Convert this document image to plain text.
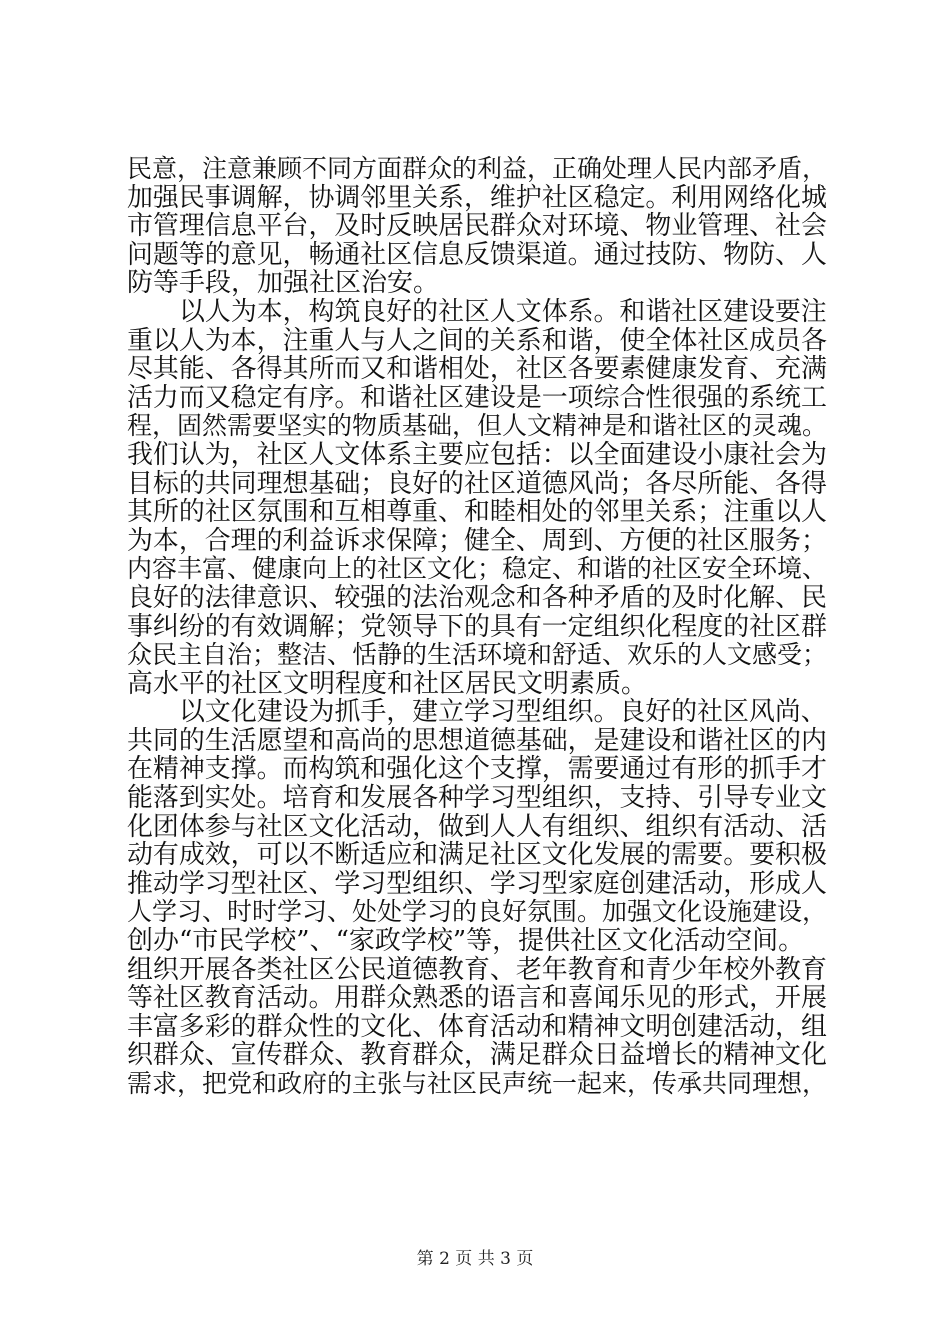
民意，注意兼顾不同方面群众的利益，正确处理人民内部矛盾，
加强民事调解，协调邻里关系，维护社区稳定。利用网络化城
市管理信息平台，及时反映居民群众对环境、物业管理、社会
问题等的意见，畅通社区信息反馈渠道。通过技防、物防、人
防等手段，加强社区治安。
以人为本，构筑良好的社区人文体系。和谐社区建设要注
重以人为本，注重人与人之间的关系和谐，使全体社区成员各
尽其能、各得其所而又和谐相处，社区各要素健康发育、充满
活力而又稳定有序。和谐社区建设是一项综合性很强的系统工
程，固然需要坚实的物质基础，但人文精神是和谐社区的灵魂。
我们认为，社区人文体系主要应包括：以全面建设小康社会为
目标的共同理想基础；良好的社区道德风尚；各尽所能、各得
其所的社区氛围和互相尊重、和睦相处的邻里关系；注重以人
为本，合理的利益诉求保障；健全、周到、方便的社区服务；
内容丰富、健康向上的社区文化；稳定、和谐的社区安全环境、
良好的法律意识、较强的法治观念和各种矛盾的及时化解、民
事纠纷的有效调解；党领导下的具有一定组织化程度的社区群
众民主自治；整洁、恬静的生活环境和舒适、欢乐的人文感受；
高水平的社区文明程度和社区居民文明素质。
以文化建设为抓手，建立学习型组织。良好的社区风尚、
共同的生活愿望和高尚的思想道德基础，是建设和谐社区的内
在精神支撑。而构筑和强化这个支撑，需要通过有形的抓手才
能落到实处。培育和发展各种学习型组织，支持、引导专业文
化团体参与社区文化活动，做到人人有组织、组织有活动、活
动有成效，可以不断适应和满足社区文化发展的需要。要积极
推动学习型社区、学习型组织、学习型家庭创建活动，形成人
人学习、时时学习、处处学习的良好氛围。加强文化设施建设，
创办“市民学校”、“家政学校”等，提供社区文化活动空间。
组织开展各类社区公民道德教育、老年教育和青少年校外教育
等社区教育活动。用群众熟悉的语言和喜闻乐见的形式，开展
丰富多彩的群众性的文化、体育活动和精神文明创建活动，组
织群众、宣传群众、教育群众，满足群众日益增长的精神文化
需求，把党和政府的主张与社区民声统一起来，传承共同理想，
第 2 页 共 3 页
